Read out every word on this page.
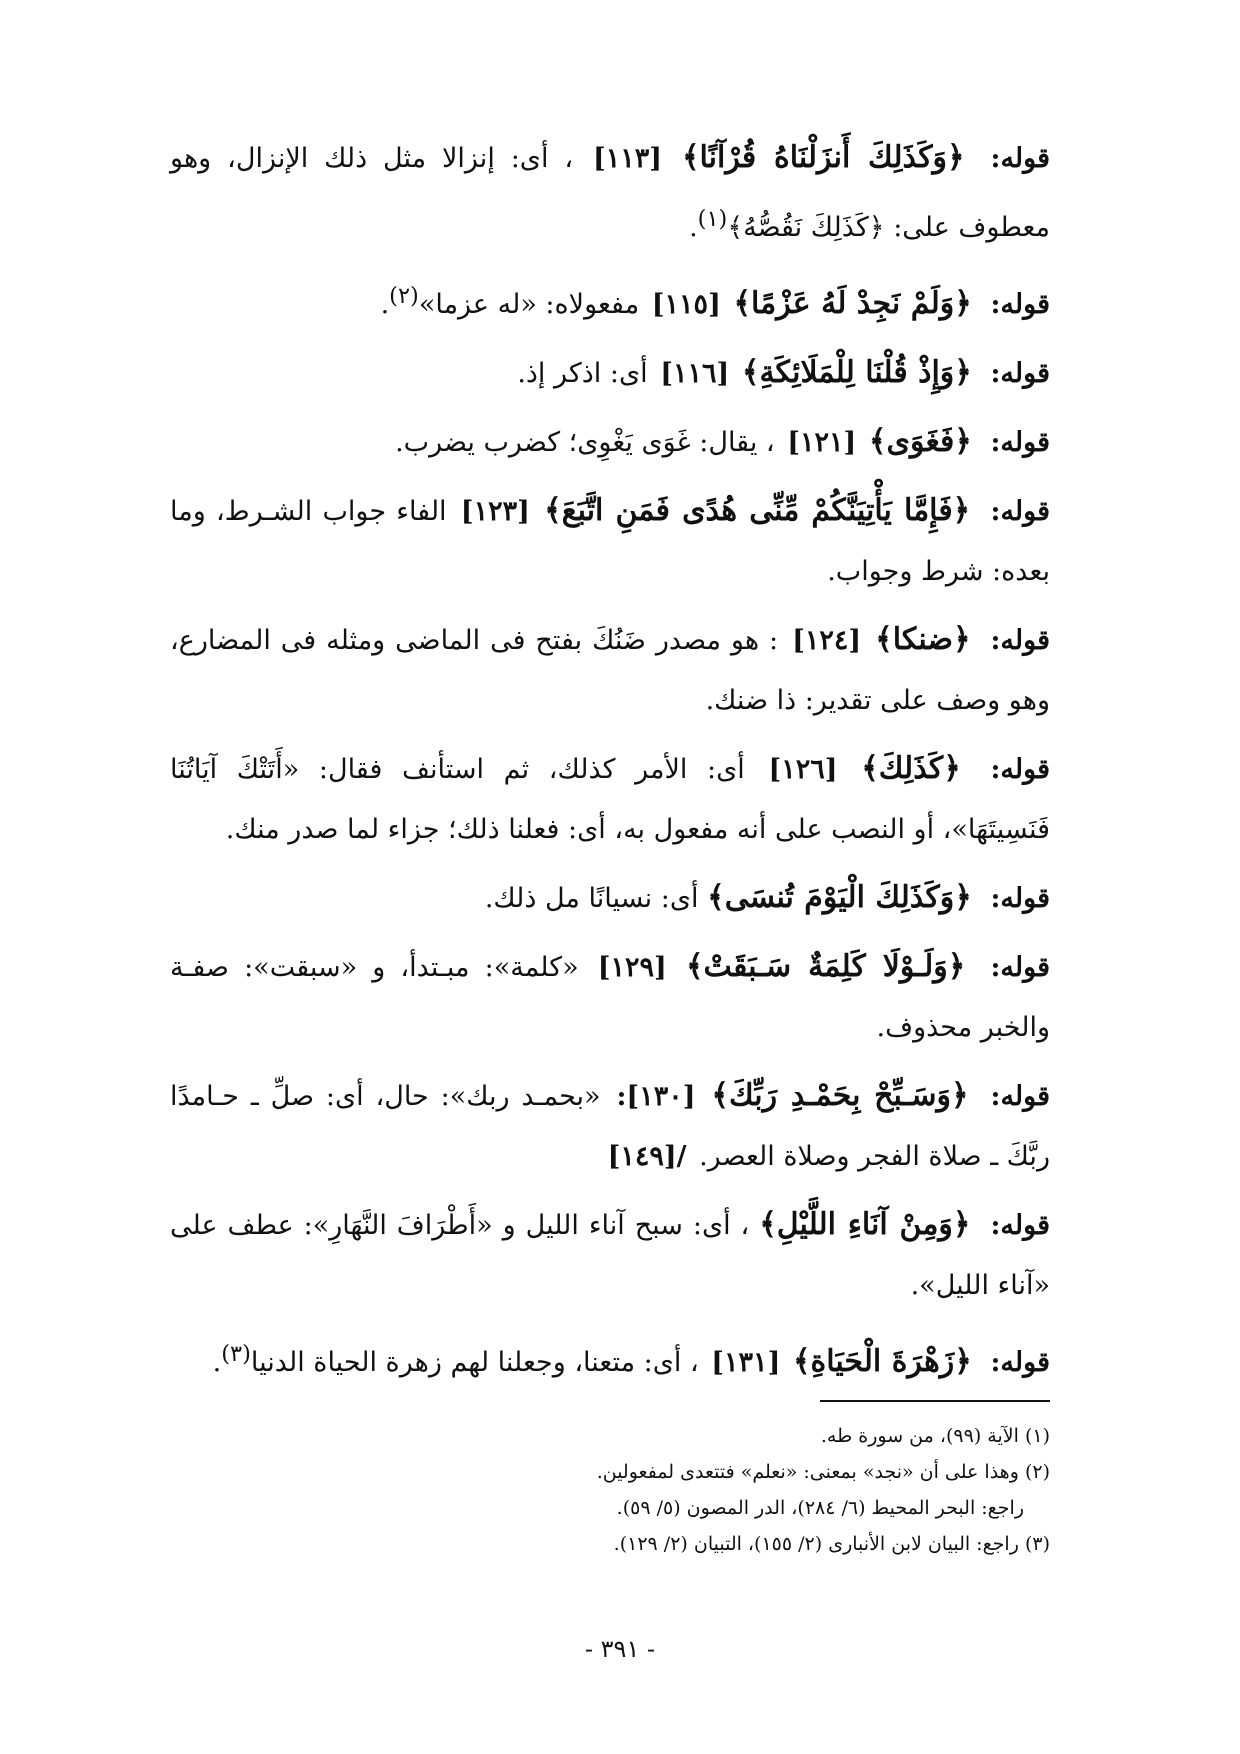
قوله: ﴿وَكَذَلِكَ أَنزَلْنَاهُ قُرْآنًا﴾ [١١٣] ، أى: إنزالا مثل ذلك الإنزال، وهو معطوف على: ﴿كَذَلِكَ نَقُصُّهُ﴾$^{(١)}$.

قوله: ﴿وَلَمْ نَجِدْ لَهُ عَزْمًا﴾ [١١٥] مفعولاه: «له عزما»$^{(٢)}$.

قوله: ﴿وَإِذْ قُلْنَا لِلْمَلَائِكَةِ﴾ [١١٦] أى: اذكر إذ.

قوله: ﴿فَغَوَى﴾ [١٢١] ، يقال: غَوَى يَغْوِى؛ كضرب يضرب.

قوله: ﴿فَإِمَّا يَأْتِيَنَّكُمْ مِّنِّى هُدًى فَمَنِ اتَّبَعَ﴾ [١٢٣] الفاء جواب الشـرط، وما بعده: شرط وجواب.

قوله: ﴿ضنكا﴾ [١٢٤] : هو مصدر ضَنُكَ بفتح فى الماضى ومثله فى المضارع، وهو وصف على تقدير: ذا ضنك.

قوله: ﴿كَذَلِكَ﴾ [١٢٦] أى: الأمر كذلك، ثم استأنف فقال: «أَتَتْكَ آيَاتُنَا فَنَسِيتَهَا»، أو النصب على أنه مفعول به، أى: فعلنا ذلك؛ جزاء لما صدر منك.

قوله: ﴿وَكَذَلِكَ الْيَوْمَ تُنسَى﴾ أى: نسيانًا مل ذلك.

قوله: ﴿وَلَـوْلَا كَلِمَةٌ سَـبَقَتْ﴾ [١٢٩] «كلمة»: مبـتدأ، و «سبقت»: صفـة والخبر محذوف.

قوله: ﴿وَسَـبِّحْ بِحَمْـدِ رَبِّكَ﴾ [١٣٠]: «بحمـد ربك»: حال، أى: صلِّ ـ حـامدًا ربَّكَ ـ صلاة الفجر وصلاة العصر. /[١٤٩]

قوله: ﴿وَمِنْ آنَاءِ اللَّيْلِ﴾ ، أى: سبح آناء الليل و «أَطْرَافَ النَّهَارِ»: عطف على «آناء الليل».

قوله: ﴿زَهْرَةَ الْحَيَاةِ﴾ [١٣١] ، أى: متعنا، وجعلنا لهم زهرة الحياة الدنيا$^{(٣)}$.

(١) الآية (٩٩)، من سورة طه.

(٢) وهذا على أن «نجد» بمعنى: «نعلم» فتتعدى لمفعولين.

راجع: البحر المحيط (٦/ ٢٨٤)، الدر المصون (٥/ ٥٩).

(٣) راجع: البيان لابن الأنبارى (٢/ ١٥٥)، التبيان (٢/ ١٢٩).

- ٣٩١ -
